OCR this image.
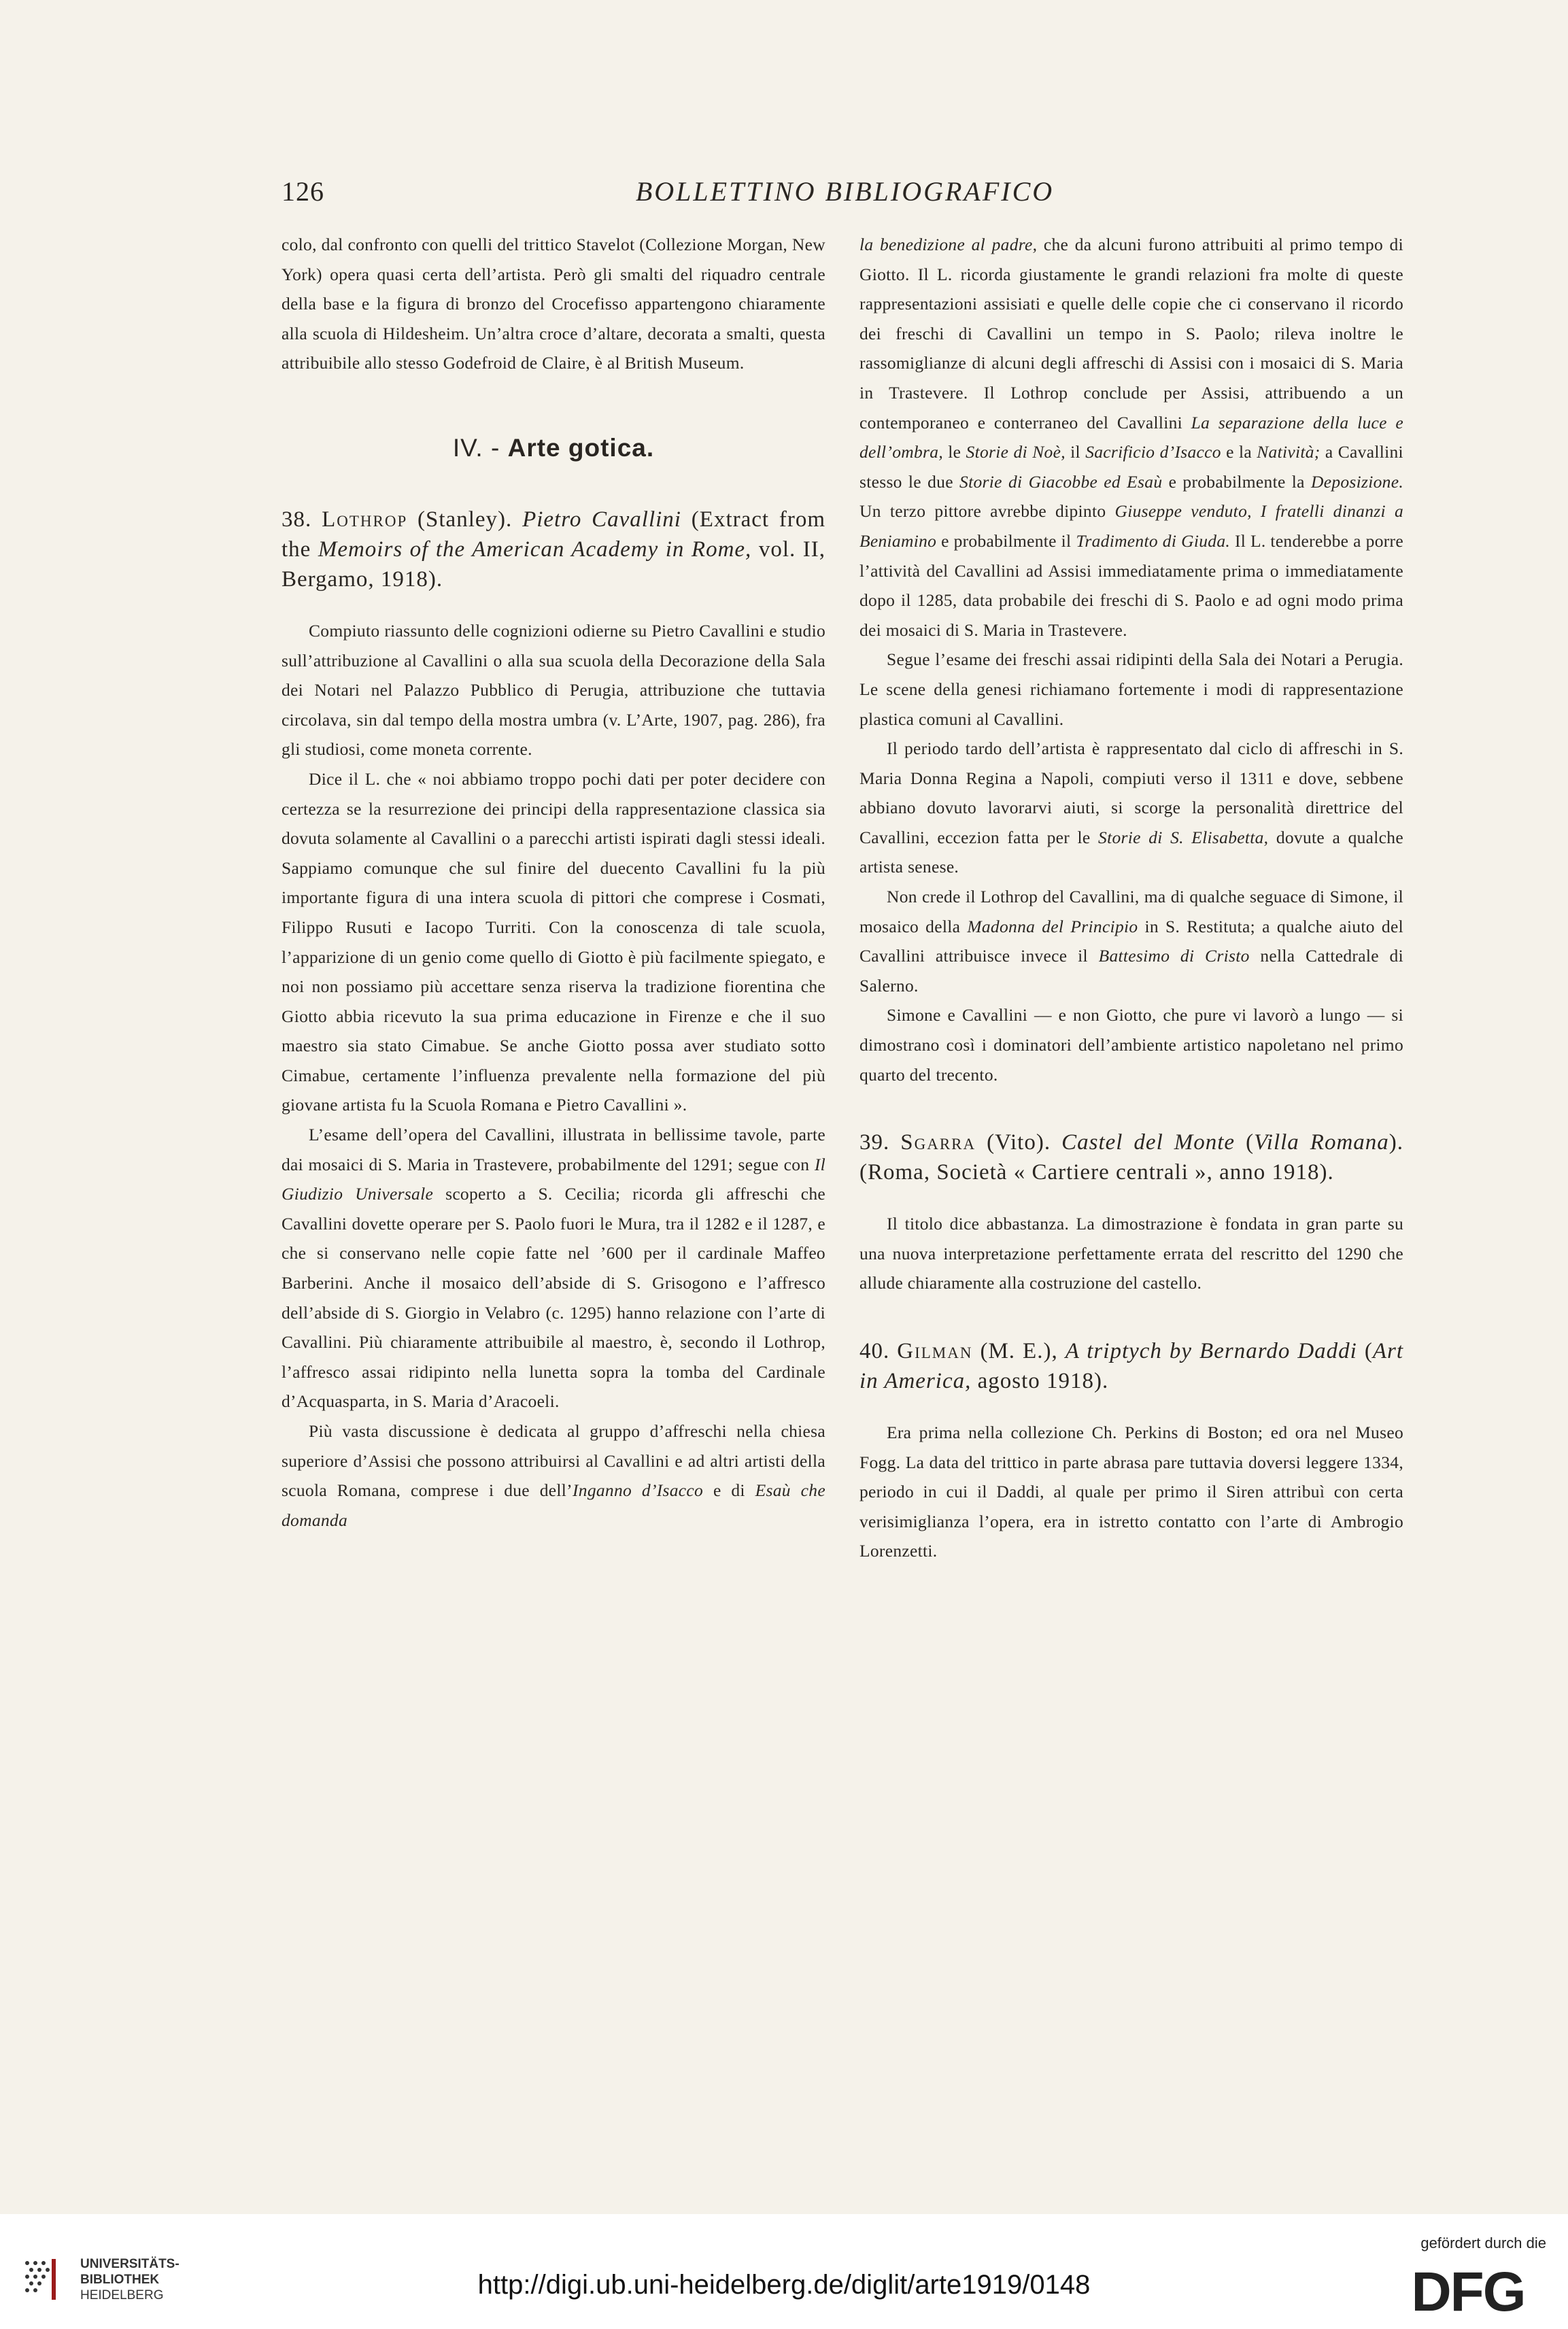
126	BOLLETTINO BIBLIOGRAFICO

colo, dal confronto con quelli del trittico Stavelot (Collezione Morgan, New York) opera quasi certa dell’artista. Però gli smalti del riquadro centrale della base e la figura di bronzo del Crocefisso appartengono chiaramente alla scuola di Hildesheim. Un’altra croce d’altare, decorata a smalti, questa attribuibile allo stesso Godefroid de Claire, è al British Museum.

IV. - Arte gotica.
38. Lothrop (Stanley). Pietro Cavallini (Extract from the Memoirs of the American Academy in Rome, vol. II, Bergamo, 1918).

Compiuto riassunto delle cognizioni odierne su Pietro Cavallini e studio sull’attribuzione al Cavallini o alla sua scuola della Decorazione della Sala dei Notari nel Palazzo Pubblico di Perugia, attribuzione che tuttavia circolava, sin dal tempo della mostra umbra (v. L’Arte, 1907, pag. 286), fra gli studiosi, come moneta corrente.

Dice il L. che « noi abbiamo troppo pochi dati per poter decidere con certezza se la resurrezione dei principi della rappresentazione classica sia dovuta solamente al Cavallini o a parecchi artisti ispirati dagli stessi ideali. Sappiamo comunque che sul finire del duecento Cavallini fu la più importante figura di una intera scuola di pittori che comprese i Cosmati, Filippo Rusuti e Iacopo Turriti. Con la conoscenza di tale scuola, l’apparizione di un genio come quello di Giotto è più facilmente spiegato, e noi non possiamo più accettare senza riserva la tradizione fiorentina che Giotto abbia ricevuto la sua prima educazione in Firenze e che il suo maestro sia stato Cimabue. Se anche Giotto possa aver studiato sotto Cimabue, certamente l’influenza prevalente nella formazione del più giovane artista fu la Scuola Romana e Pietro Cavallini ».

L’esame dell’opera del Cavallini, illustrata in bellissime tavole, parte dai mosaici di S. Maria in Trastevere, probabilmente del 1291; segue con Il Giudizio Universale scoperto a S. Cecilia; ricorda gli affreschi che Cavallini dovette operare per S. Paolo fuori le Mura, tra il 1282 e il 1287, e che si conservano nelle copie fatte nel ’600 per il cardinale Maffeo Barberini. Anche il mosaico dell’abside di S. Grisogono e l’affresco dell’abside di S. Giorgio in Velabro (c. 1295) hanno relazione con l’arte di Cavallini. Più chiaramente attribuibile al maestro, è, secondo il Lothrop, l’affresco assai ridipinto nella lunetta sopra la tomba del Cardinale d’Acquasparta, in S. Maria d’Aracoeli.

Più vasta discussione è dedicata al gruppo d’affreschi nella chiesa superiore d’Assisi che possono attribuirsi al Cavallini e ad altri artisti della scuola Romana, comprese i due dell’Inganno d’Isacco e di Esaù che domanda

la benedizione al padre, che da alcuni furono attribuiti al primo tempo di Giotto. Il L. ricorda giustamente le grandi relazioni fra molte di queste rappresentazioni assisiati e quelle delle copie che ci conservano il ricordo dei freschi di Cavallini un tempo in S. Paolo; rileva inoltre le rassomiglianze di alcuni degli affreschi di Assisi con i mosaici di S. Maria in Trastevere. Il Lothrop conclude per Assisi, attribuendo a un contemporaneo e conterraneo del Cavallini La separazione della luce e dell’ombra, le Storie di Noè, il Sacrificio d’Isacco e la Natività; a Cavallini stesso le due Storie di Giacobbe ed Esaù e probabilmente la Deposizione. Un terzo pittore avrebbe dipinto Giuseppe venduto, I fratelli dinanzi a Beniamino e probabilmente il Tradimento di Giuda. Il L. tenderebbe a porre l’attività del Cavallini ad Assisi immediatamente prima o immediatamente dopo il 1285, data probabile dei freschi di S. Paolo e ad ogni modo prima dei mosaici di S. Maria in Trastevere.

Segue l’esame dei freschi assai ridipinti della Sala dei Notari a Perugia. Le scene della genesi richiamano fortemente i modi di rappresentazione plastica comuni al Cavallini.

Il periodo tardo dell’artista è rappresentato dal ciclo di affreschi in S. Maria Donna Regina a Napoli, compiuti verso il 1311 e dove, sebbene abbiano dovuto lavorarvi aiuti, si scorge la personalità direttrice del Cavallini, eccezion fatta per le Storie di S. Elisabetta, dovute a qualche artista senese.

Non crede il Lothrop del Cavallini, ma di qualche seguace di Simone, il mosaico della Madonna del Principio in S. Restituta; a qualche aiuto del Cavallini attribuisce invece il Battesimo di Cristo nella Cattedrale di Salerno.

Simone e Cavallini — e non Giotto, che pure vi lavorò a lungo — si dimostrano così i dominatori dell’ambiente artistico napoletano nel primo quarto del trecento.

39. Sgarra (Vito). Castel del Monte (Villa Romana). (Roma, Società « Cartiere centrali », anno 1918).

Il titolo dice abbastanza. La dimostrazione è fondata in gran parte su una nuova interpretazione perfettamente errata del rescritto del 1290 che allude chiaramente alla costruzione del castello.

40. Gilman (M. E.), A triptych by Bernardo Daddi (Art in America, agosto 1918).

Era prima nella collezione Ch. Perkins di Boston; ed ora nel Museo Fogg. La data del trittico in parte abrasa pare tuttavia doversi leggere 1334, periodo in cui il Daddi, al quale per primo il Siren attribuì con certa verisimiglianza l’opera, era in istretto contatto con l’arte di Ambrogio Lorenzetti.

UNIVERSITÄTS-
BIBLIOTHEK
HEIDELBERG	http://digi.ub.uni-heidelberg.de/diglit/arte1919/0148
gefördert durch die
DFG
